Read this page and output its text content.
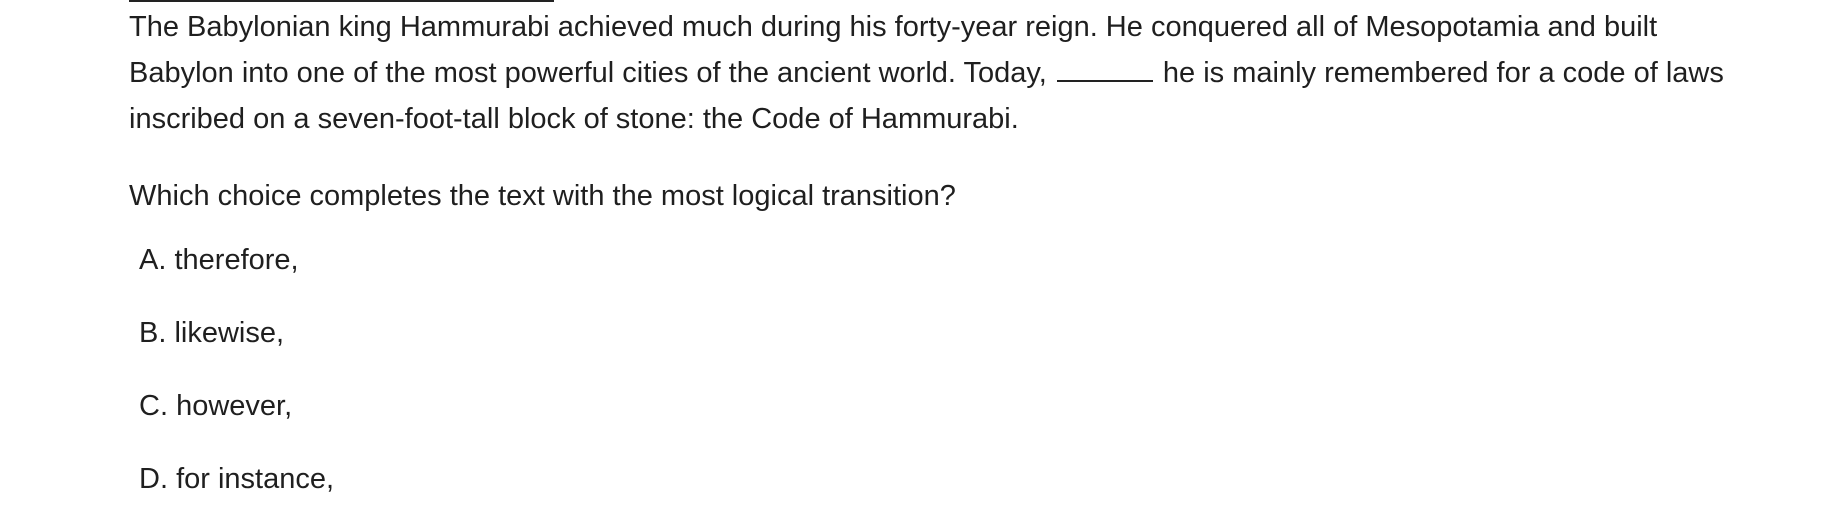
The Babylonian king Hammurabi achieved much during his forty-year reign. He conquered all of Mesopotamia and built Babylon into one of the most powerful cities of the ancient world. Today,	he is mainly remembered for a code of laws inscribed on a seven-foot-tall block of stone: the Code of Hammurabi.

Which choice completes the text with the most logical transition?

A. therefore,
B. likewise,
C. however,
D. for instance,
